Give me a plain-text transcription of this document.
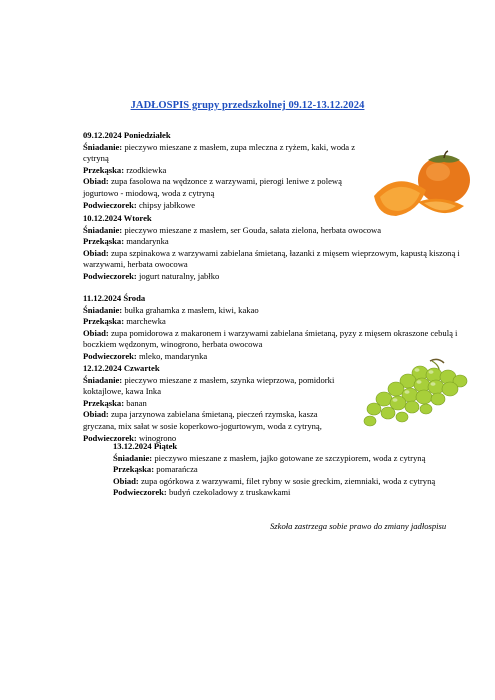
JADŁOSPIS grupy przedszkolnej 09.12-13.12.2024

09.12.2024 Poniedziałek

Śniadanie: pieczywo mieszane z masłem, zupa mleczna z ryżem, kaki, woda z cytryną

Przekąska: rzodkiewka

Obiad: zupa fasolowa na wędzonce z warzywami, pierogi leniwe z polewą jogurtowo - miodową, woda z cytryną

Podwieczorek: chipsy jabłkowe

10.12.2024 Wtorek

Śniadanie: pieczywo mieszane z masłem, ser Gouda, sałata zielona, herbata owocowa

Przekąska: mandarynka

Obiad: zupa szpinakowa z warzywami zabielana śmietaną, łazanki z mięsem wieprzowym, kapustą kiszoną i warzywami, herbata owocowa

Podwieczorek: jogurt naturalny, jabłko

11.12.2024 Środa

Śniadanie: bułka grahamka z masłem, kiwi, kakao

Przekąska: marchewka

Obiad: zupa pomidorowa z makaronem i warzywami zabielana śmietaną, pyzy z mięsem okraszone cebulą i boczkiem wędzonym, winogrono, herbata owocowa

Podwieczorek: mleko, mandarynka

12.12.2024 Czwartek

Śniadanie: pieczywo mieszane z masłem, szynka wieprzowa, pomidorki koktajlowe, kawa Inka

Przekąska: banan

Obiad: zupa jarzynowa zabielana śmietaną, pieczeń rzymska, kasza gryczana, mix sałat w sosie koperkowo-jogurtowym, woda z cytryną,

Podwieczorek: winogrono

13.12.2024 Piątek

Śniadanie: pieczywo mieszane z masłem, jajko gotowane ze szczypiorem, woda z cytryną

Przekąska: pomarańcza

Obiad: zupa ogórkowa z warzywami, filet rybny w sosie greckim, ziemniaki, woda z cytryną

Podwieczorek: budyń czekoladowy z truskawkami

Szkoła zastrzega sobie prawo do zmiany jadłospisu
